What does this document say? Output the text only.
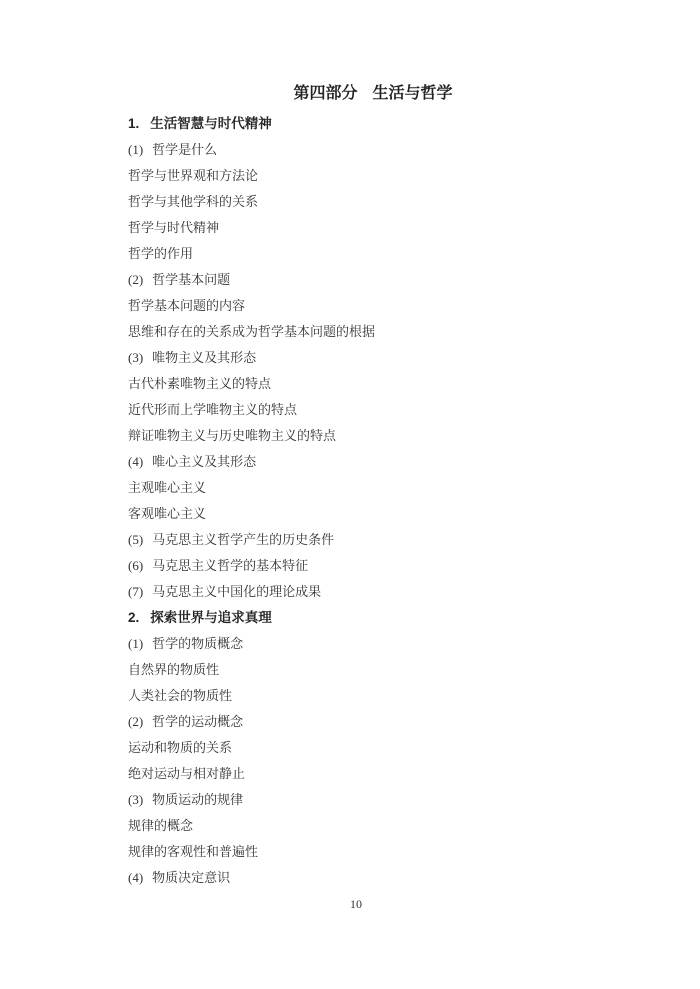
第四部分 生活与哲学

1. 生活智慧与时代精神

(1) 哲学是什么

哲学与世界观和方法论

哲学与其他学科的关系

哲学与时代精神

哲学的作用

(2) 哲学基本问题

哲学基本问题的内容

思维和存在的关系成为哲学基本问题的根据

(3) 唯物主义及其形态

古代朴素唯物主义的特点

近代形而上学唯物主义的特点

辩证唯物主义与历史唯物主义的特点

(4) 唯心主义及其形态

主观唯心主义

客观唯心主义

(5) 马克思主义哲学产生的历史条件

(6) 马克思主义哲学的基本特征

(7) 马克思主义中国化的理论成果

2. 探索世界与追求真理

(1) 哲学的物质概念

自然界的物质性

人类社会的物质性

(2) 哲学的运动概念

运动和物质的关系

绝对运动与相对静止

(3) 物质运动的规律

规律的概念

规律的客观性和普遍性

(4) 物质决定意识

10
